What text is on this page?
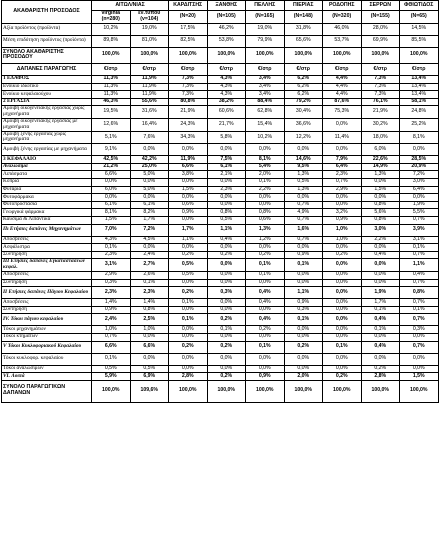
ΑΚΑΘΑΡΙΣΤΗ ΠΡΟΣΟΔΟΣ	ΑΙΤΩΛ/ΝΙΑΣ		ΚΑΡΔΙΤΣΗΣ	ΞΑΝΘΗΣ	ΠΕΛΛΗΣ	ΠΙΕΡΙΑΣ	ΡΟΔΟΠΗΣ	ΣΕΡΡΩΝ	ΦΘΙΩΤΙΔΟΣ
	virginia (n=280)	εν.τύπου (v=104)	(N=20)	(N=105)	(N=165)	(N=148)	(N=320)	(N=155)	(N=65)
Αξία προϊόντος (προϊόντα)	10,2%	19,0%	17,5%	46,2%	19,0%	31,8%	46,0%	28,0%	14,5%
Μέση επιδότηση προϊόντος (προϊόντα)	89,8%	81,0%	82,5%	53,8%	79,9%	65,6%	53,7%	69,9%	85,5%
ΣΥΝΟΛΟ ΑΚΑΘΑΡΙΣΤΗΣ ΠΡΟΣΟΔΟΥ	100,0%	100,0%	100,0%	100,0%	100,0%	100,0%	100,0%	100,0%	100,0%
ΔΑΠΑΝΕΣ ΠΑΡΑΓΩΓΗΣ	€/στρ	€/στρ	€/στρ	€/στρ	€/στρ	€/στρ	€/στρ	€/στρ	€/στρ
1 ΕΔΑΦΟΣ	11,3%	11,9%	7,3%	4,3%	3,4%	6,2%	4,4%	7,3%	13,4%
Ενοίκιο ιδιωτικό	11,3%	11,9%	7,3%	4,3%	3,4%	6,2%	4,4%	7,3%	13,4%
Ενοίκιο κεφαλαιούχου	11,3%	11,9%	7,3%	4,3%	3,4%	6,2%	4,4%	7,3%	13,4%
2 ΕΡΓΑΣΙΑ	46,3%	55,6%	80,8%	38,2%	88,4%	79,2%	87,6%	76,1%	58,1%
Αμοιβή οικογενειακής εργασίας χωρίς μηχανήματα	19,5%	31,6%	21,9%	60,6%	62,8%	30,4%	75,3%	21,9%	24,8%
Αμοιβή οικογενειακής εργασίας με μηχανήματα	12,6%	16,4%	24,3%	21,7%	15,4%	36,6%	0,0%	30,2%	25,2%
Αμοιβή ξένης εργασίας χωρίς μηχανήματα	5,1%	7,6%	34,3%	5,8%	10,2%	12,2%	11,4%	18,0%	8,1%
Αμοιβή ξένης εργασίας με μηχανήματα	9,1%	0,0%	0,0%	0,0%	0,0%	0,0%	0,0%	6,0%	0,0%
3 ΚΕΦΑΛΑΙΟ	42,5%	42,2%	11,9%	7,5%	8,1%	14,6%	7,9%	22,6%	28,5%
Αναλώσιμα	21,2%	25,0%	6,6%	6,1%	5,4%	9,5%	6,4%	14,9%	20,9%
Λιπάσματα	6,6%	5,0%	3,8%	2,1%	2,0%	1,3%	2,3%	1,3%	7,2%
Κοπριά	0,0%	0,0%	0,0%	0,0%	0,1%	0,5%	0,7%	0,0%	3,0%
Φυτάρια	6,0%	5,0%	1,5%	2,3%	2,2%	1,3%	2,9%	1,5%	6,4%
Φυτοφάρμακα	0,0%	0,0%	0,0%	0,0%	0,0%	0,0%	0,0%	0,0%	0,0%
Φυτοπροστασία	6,1%	6,1%	0,6%	0,0%	0,0%	0,7%	0,0%	0,8%	1,9%
Γεωργικά φάρμακα	8,1%	8,2%	0,9%	0,8%	0,8%	4,9%	3,2%	5,6%	5,5%
Καύσιμα & Λιπαντικά	1,5%	1,7%	0,0%	0,5%	0,6%	0,7%	0,9%	0,8%	0,7%
Πι Ετήσιες δαπάνες Μηχανημάτων	7,0%	7,2%	1,7%	1,1%	1,3%	1,6%	1,0%	3,0%	3,9%
Αποσβέσεις	4,3%	4,5%	1,1%	0,4%	1,2%	0,7%	1,0%	2,2%	3,1%
Ασφάλιστρα	0,1%	0,0%	0,0%	0,0%	0,0%	0,0%	0,0%	0,0%	0,1%
Συντήρηση	2,3%	2,4%	0,2%	0,2%	0,2%	0,9%	0,2%	0,4%	0,7%
ΙΙΙ Ετήσιες δαπάνες Εγκαταστάσεων κεφαλ.	3,1%	2,7%	0,5%	0,0%	0,1%	0,1%	0,0%	0,0%	1,1%
Αποσβέσεις	2,9%	2,6%	0,5%	0,0%	0,1%	0,0%	0,0%	0,0%	0,4%
Συντήρηση	0,3%	0,1%	0,0%	0,0%	0,0%	0,0%	0,0%	0,0%	0,7%
ΙΙ Ετήσιες δαπάνες Πάγιου Κεφαλαίου	2,3%	2,3%	0,2%	0,3%	0,4%	1,1%	0,0%	1,9%	0,8%
Αποσβέσεις	1,4%	1,4%	0,1%	0,0%	0,4%	0,9%	0,0%	1,7%	0,7%
Συντήρηση	0,9%	0,8%	0,0%	0,0%	0,0%	0,3%	0,0%	0,1%	0,1%
IV. Τόκοι πάγιου κεφαλαίου	2,4%	2,5%	0,1%	0,2%	0,4%	0,1%	0,0%	0,4%	0,7%
Τόκοι μηχανημάτων	1,0%	1,0%	0,0%	0,1%	0,2%	0,0%	0,0%	0,1%	0,3%
Τόκοι κτημάτων	0,7%	0,0%	0,0%	0,0%	0,0%	0,0%	0,0%	0,0%	0,0%
V Τόκοι Κυκλοφοριακού Κεφαλαίου	6,6%	6,6%	0,2%	0,2%	0,1%	0,2%	0,1%	0,4%	0,7%
Τόκοι κυκλοφορ. κεφαλαίου	0,1%	0,0%	0,0%	0,0%	0,0%	0,0%	0,0%	0,0%	0,0%
Τόκοι αναλώσιμων	0,5%	0,5%	0,0%	0,0%	0,0%	0,0%	0,0%	0,2%	0,0%
VI. Λοιπά	5,9%	6,9%	2,8%	0,2%	0,9%	2,0%	0,2%	2,8%	1,5%
ΣΥΝΟΛΟ ΠΑΡΑΓΩΓΙΚΩΝ ΔΑΠΑΝΩΝ	100,0%	109,6%	100,0%	100,0%	100,0%	100,0%	100,0%	100,0%	100,0%
